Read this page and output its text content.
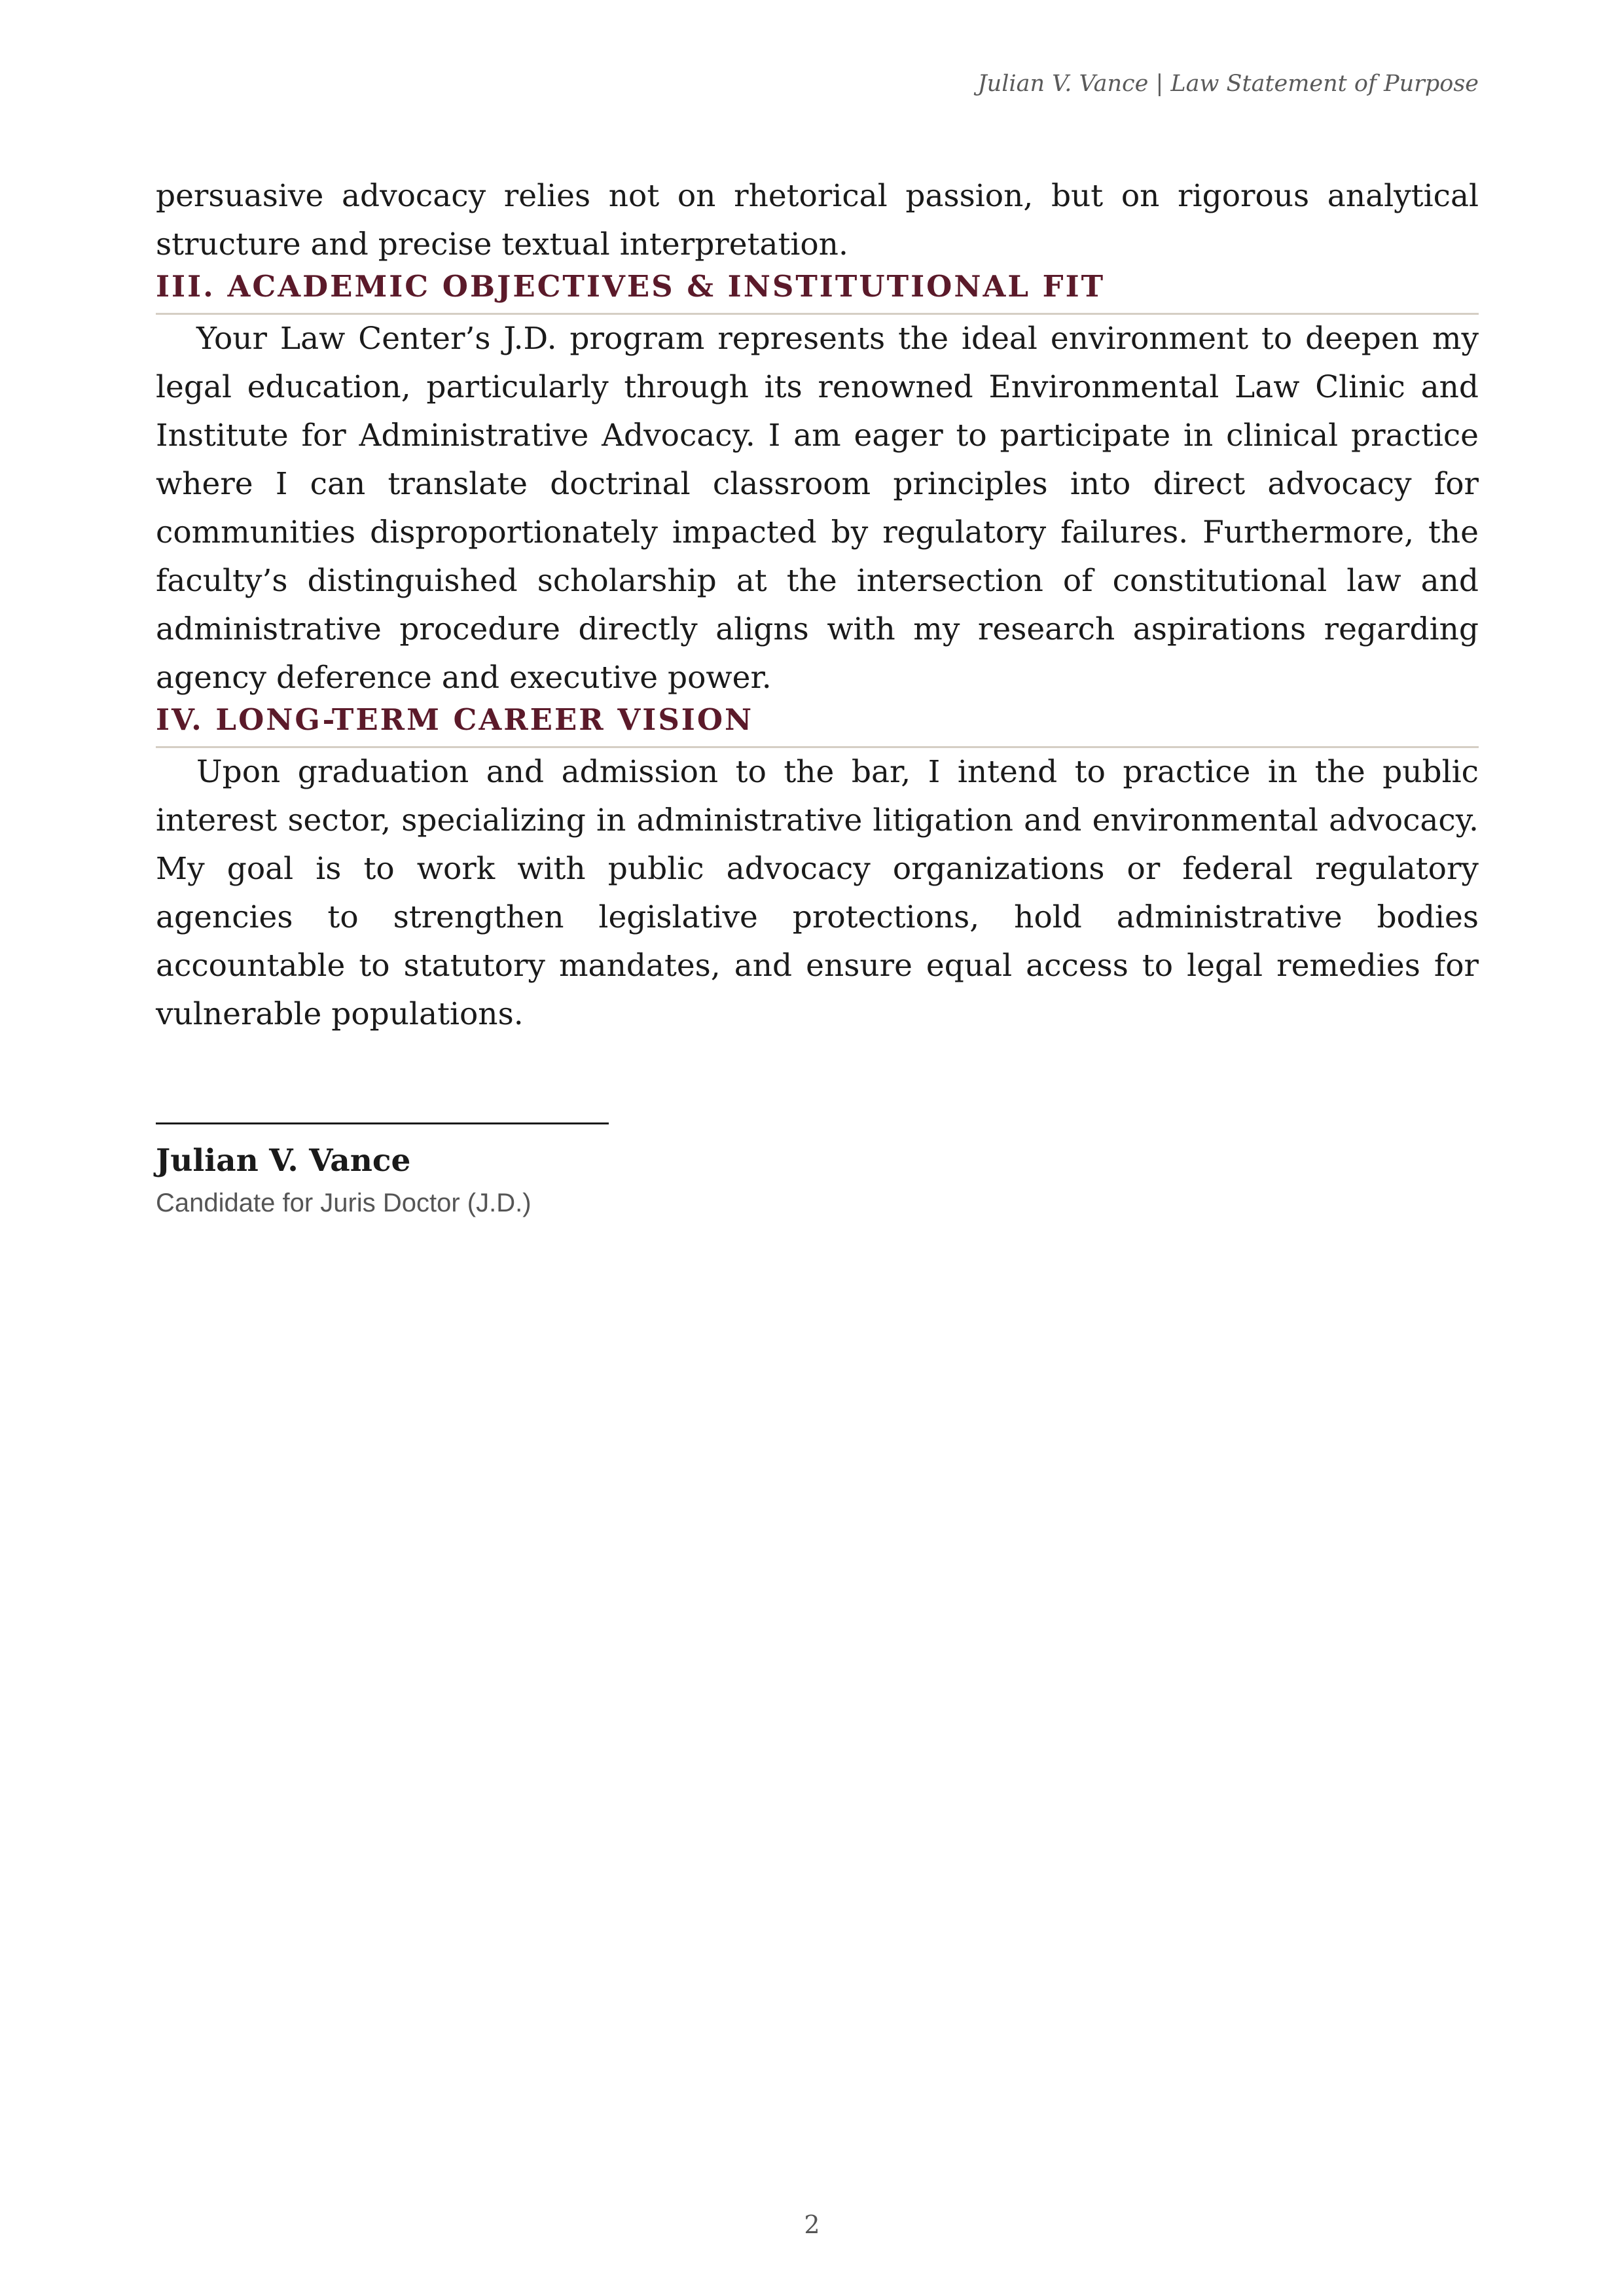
Julian V. Vance | Law Statement of Purpose

persuasive advocacy relies not on rhetorical passion, but on rigorous analytical structure and precise textual interpretation.

III. ACADEMIC OBJECTIVES & INSTITUTIONAL FIT

Your Law Center’s J.D. program represents the ideal environment to deepen my legal education, particularly through its renowned Environmental Law Clinic and Institute for Administrative Advocacy. I am eager to participate in clinical practice where I can translate doctrinal classroom principles into direct advocacy for communities disproportionately impacted by regulatory failures. Furthermore, the faculty’s distinguished scholarship at the intersection of constitutional law and administrative procedure directly aligns with my research aspirations regarding agency deference and executive power.

IV. LONG-TERM CAREER VISION

Upon graduation and admission to the bar, I intend to practice in the public interest sector, specializing in administrative litigation and environmental advocacy. My goal is to work with public advocacy organizations or federal regulatory agencies to strengthen legislative protections, hold administrative bodies accountable to statutory mandates, and ensure equal access to legal remedies for vulnerable populations.

Julian V. Vance
Candidate for Juris Doctor (J.D.)
2
